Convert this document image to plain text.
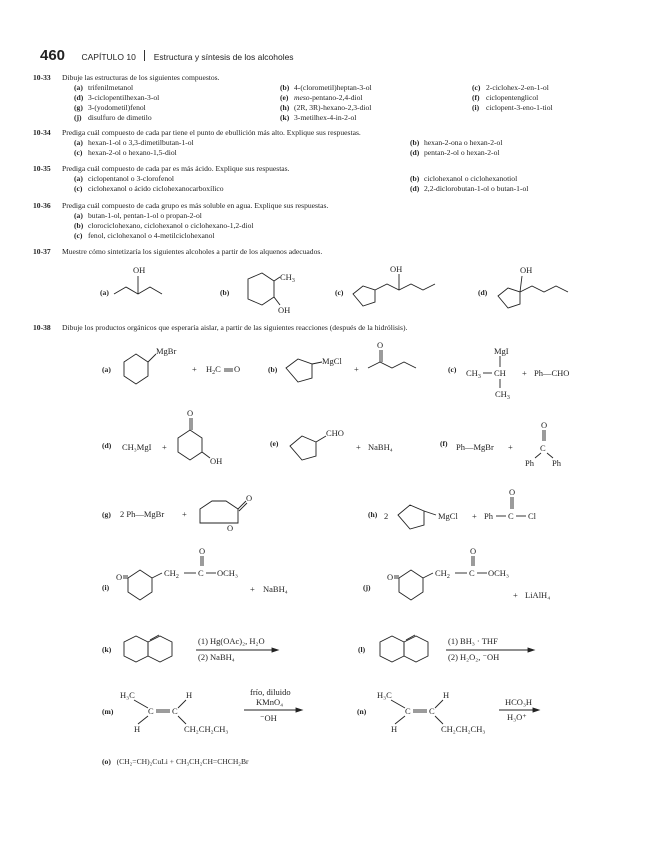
460 CAPÍTULO 10 Estructura y síntesis de los alcoholes
10-33 Dibuje las estructuras de los siguientes compuestos.
(a) trifenilmetanol	(b) 4-(clorometil)heptan-3-ol	(c) 2-ciclohex-2-en-1-ol
(d) 3-ciclopentilhexan-3-ol	(e) meso-pentano-2,4-diol	(f) ciclopentenglicol
(g) 3-(yodometil)fenol	(h) (2R, 3R)-hexano-2,3-diol	(i) ciclopent-3-eno-1-tiol
(j) disulfuro de dimetilo	(k) 3-metilhex-4-in-2-ol
10-34 Prediga cuál compuesto de cada par tiene el punto de ebullición más alto. Explique sus respuestas.
(a) hexan-1-ol o 3,3-dimetilbutan-1-ol	(b) hexan-2-ona o hexan-2-ol
(c) hexan-2-ol o hexano-1,5-diol	(d) pentan-2-ol o hexan-2-ol
10-35 Prediga cuál compuesto de cada par es más ácido. Explique sus respuestas.
(a) ciclopentanol o 3-clorofenol	(b) ciclohexanol o ciclohexanotiol
(c) ciclohexanol o ácido ciclohexanocarboxílico	(d) 2,2-diclorobutan-1-ol o butan-1-ol
10-36 Prediga cuál compuesto de cada grupo es más soluble en agua. Explique sus respuestas.
(a) butan-1-ol, pentan-1-ol o propan-2-ol
(b) clorociclohexano, ciclohexanol o ciclohexano-1,2-diol
(c) fenol, ciclohexanol o 4-metilciclohexanol
10-37 Muestre cómo sintetizaría los siguientes alcoholes a partir de los alquenos adecuados.
(a)
OH
(b)
$CH_3$
OH
(c)
OH
(d)
OH
10-38 Dibuje los productos orgánicos que esperaría aislar, a partir de las siguientes reacciones (después de la hidrólisis).
(a)
MgBr
+ $H_2C$ O	(b)
MgCl
+
O
(c) $CH_3$ CH
MgI
$CH_3$
+ Ph—CHO
(d) CH₃MgI +
O
OH
(e)
CHO
+ NaBH₄	(f) Ph—MgBr +	C
O
Ph Ph
(g) 2 Ph—MgBr +
O
O
(h) 2	MgCl + Ph C
O
Cl
(i)
O	$CH_2$ C
O
OCH₃
+ NaBH₄	(j)
O	$CH_2$ C
O
OCH₃
+ LiAlH₄
(k)
(1) Hg(OAc)₂, H₂O
(2) NaBH₄
(l)
(1) BH₃ · THF
(2) H₂O₂, ⁻OH
(m)
H₃C
C C
H
H
CH₂CH₂CH₃
frío, diluido
KMnO₄
⁻OH
(n)
H₃C
C C
H
H
CH₂CH₂CH₃
HCO₃H
H₃O⁺
(o) (CH₂=CH)₂CuLi + CH₃CH₂CH=CHCH₂Br
